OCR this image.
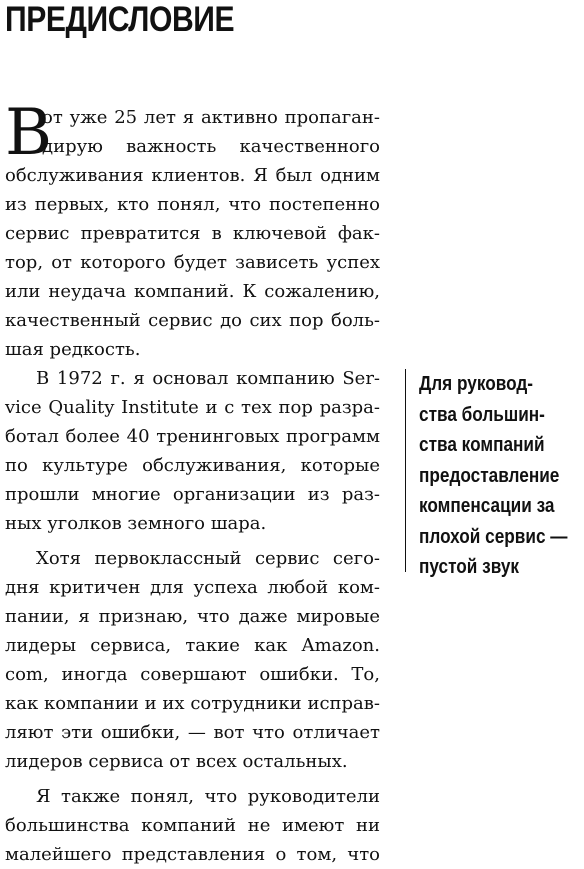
ПРЕДИСЛОВИЕ
В
от уже 25 лет я активно пропаган-
дирую важность качественного
обслуживания клиентов. Я был одним
из первых, кто понял, что постепенно
сервис превратится в ключевой фак-
тор, от которого будет зависеть успех
или неудача компаний. К сожалению,
качественный сервис до сих пор боль-
шая редкость.
В 1972 г. я основал компанию Ser-
vice Quality Institute и с тех пор разра-
ботал более 40 тренинговых программ
по культуре обслуживания, которые
прошли многие организации из раз-
ных уголков земного шара.
Хотя первоклассный сервис сего-
дня критичен для успеха любой ком-
пании, я признаю, что даже мировые
лидеры сервиса, такие как Amazon.
com, иногда совершают ошибки. То,
как компании и их сотрудники исправ-
ляют эти ошибки, — вот что отличает
лидеров сервиса от всех остальных.
Я также понял, что руководители
большинства компаний не имеют ни
малейшего представления о том, что
Для руковод-
ства большин-
ства компаний
предоставление
компенсации за
плохой сервис —
пустой звук
